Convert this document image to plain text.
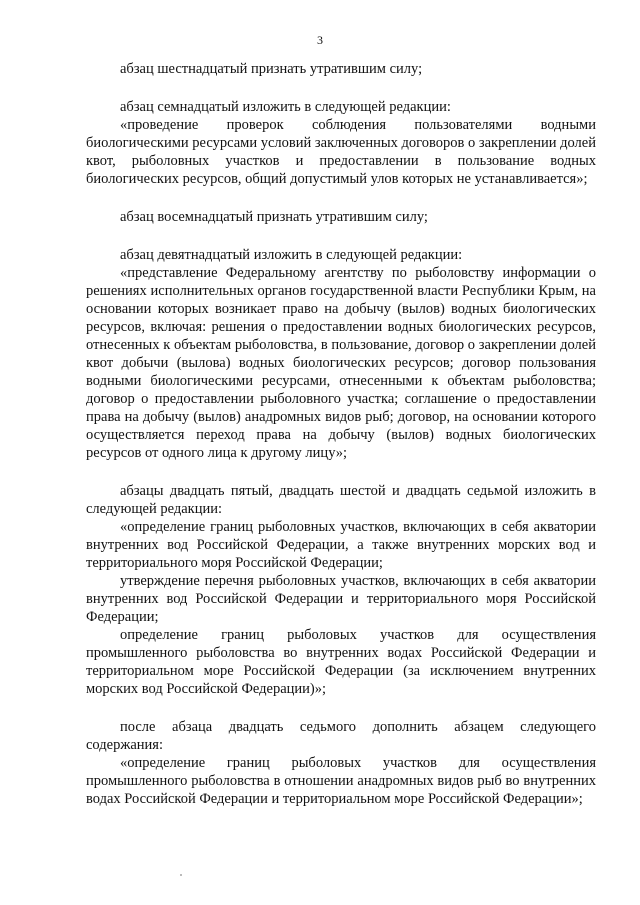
3

абзац шестнадцатый признать утратившим силу;

абзац семнадцатый изложить в следующей редакции:

«проведение проверок соблюдения пользователями водными биологическими ресурсами условий заключенных договоров о закреплении долей квот, рыболовных участков и предоставлении в пользование водных биологических ресурсов, общий допустимый улов которых не устанавливается»;

абзац восемнадцатый признать утратившим силу;

абзац девятнадцатый изложить в следующей редакции:

«представление Федеральному агентству по рыболовству информации о решениях исполнительных органов государственной власти Республики Крым, на основании которых возникает право на добычу (вылов) водных биологических ресурсов, включая: решения о предоставлении водных биологических ресурсов, отнесенных к объектам рыболовства, в пользование, договор о закреплении долей квот добычи (вылова) водных биологических ресурсов; договор пользования водными биологическими ресурсами, отнесенными к объектам рыболовства; договор о предоставлении рыболовного участка; соглашение о предоставлении права на добычу (вылов) анадромных видов рыб; договор, на основании которого осуществляется переход права на добычу (вылов) водных биологических ресурсов от одного лица к другому лицу»;

абзацы двадцать пятый, двадцать шестой и двадцать седьмой изложить в следующей редакции:

«определение границ рыболовных участков, включающих в себя акватории внутренних вод Российской Федерации, а также внутренних морских вод и территориального моря Российской Федерации;

утверждение перечня рыболовных участков, включающих в себя акватории внутренних вод Российской Федерации и территориального моря Российской Федерации;

определение границ рыболовых участков для осуществления промышленного рыболовства во внутренних водах Российской Федерации и территориальном море Российской Федерации (за исключением внутренних морских вод Российской Федерации)»;

после абзаца двадцать седьмого дополнить абзацем следующего содержания:

«определение границ рыболовых участков для осуществления промышленного рыболовства в отношении анадромных видов рыб во внутренних водах Российской Федерации и территориальном море Российской Федерации»;
